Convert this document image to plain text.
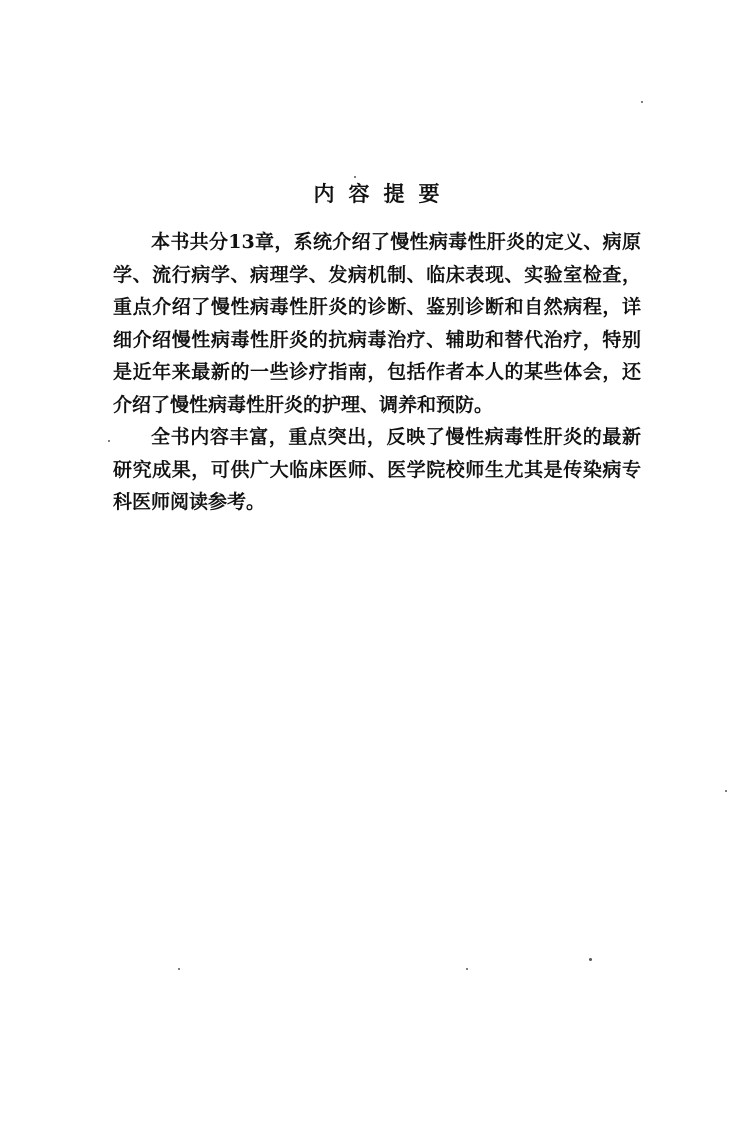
内容提要

本书共分13章，系统介绍了慢性病毒性肝炎的定义、病原学、流行病学、病理学、发病机制、临床表现、实验室检查，重点介绍了慢性病毒性肝炎的诊断、鉴别诊断和自然病程，详细介绍慢性病毒性肝炎的抗病毒治疗、辅助和替代治疗，特别是近年来最新的一些诊疗指南，包括作者本人的某些体会，还介绍了慢性病毒性肝炎的护理、调养和预防。

全书内容丰富，重点突出，反映了慢性病毒性肝炎的最新研究成果，可供广大临床医师、医学院校师生尤其是传染病专科医师阅读参考。
